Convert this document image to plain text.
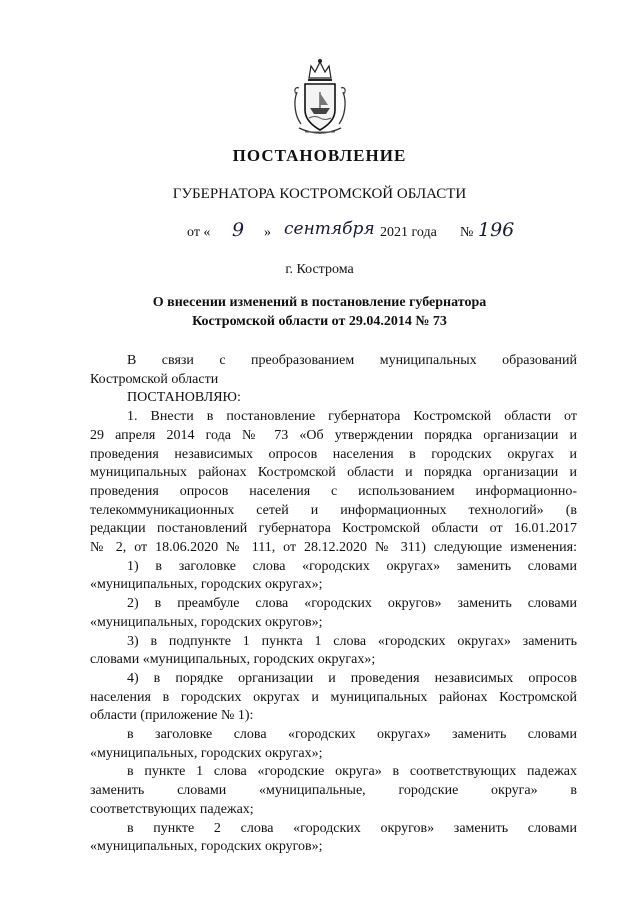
ПОСТАНОВЛЕНИЕ
ГУБЕРНАТОРА КОСТРОМСКОЙ ОБЛАСТИ
от « 9 » сентября 2021 года № 196
г. Кострома
О внесении изменений в постановление губернатора
Костромской области от 29.04.2014 № 73
В связи с преобразованием муниципальных образований
Костромской области
ПОСТАНОВЛЯЮ:
1. Внести в постановление губернатора Костромской области от
29 апреля 2014 года № 73 «Об утверждении порядка организации и
проведения независимых опросов населения в городских округах и
муниципальных районах Костромской области и порядка организации и
проведения опросов населения с использованием информационно-
телекоммуникационных сетей и информационных технологий» (в
редакции постановлений губернатора Костромской области от 16.01.2017
№ 2, от 18.06.2020 № 111, от 28.12.2020 № 311) следующие изменения:
1) в заголовке слова «городских округах» заменить словами
«муниципальных, городских округах»;
2) в преамбуле слова «городских округов» заменить словами
«муниципальных, городских округов»;
3) в подпункте 1 пункта 1 слова «городских округах» заменить
словами «муниципальных, городских округах»;
4) в порядке организации и проведения независимых опросов
населения в городских округах и муниципальных районах Костромской
области (приложение № 1):
в заголовке слова «городских округах» заменить словами
«муниципальных, городских округах»;
в пункте 1 слова «городские округа» в соответствующих падежах
заменить словами «муниципальные, городские округа» в
соответствующих падежах;
в пункте 2 слова «городских округов» заменить словами
«муниципальных, городских округов»;
